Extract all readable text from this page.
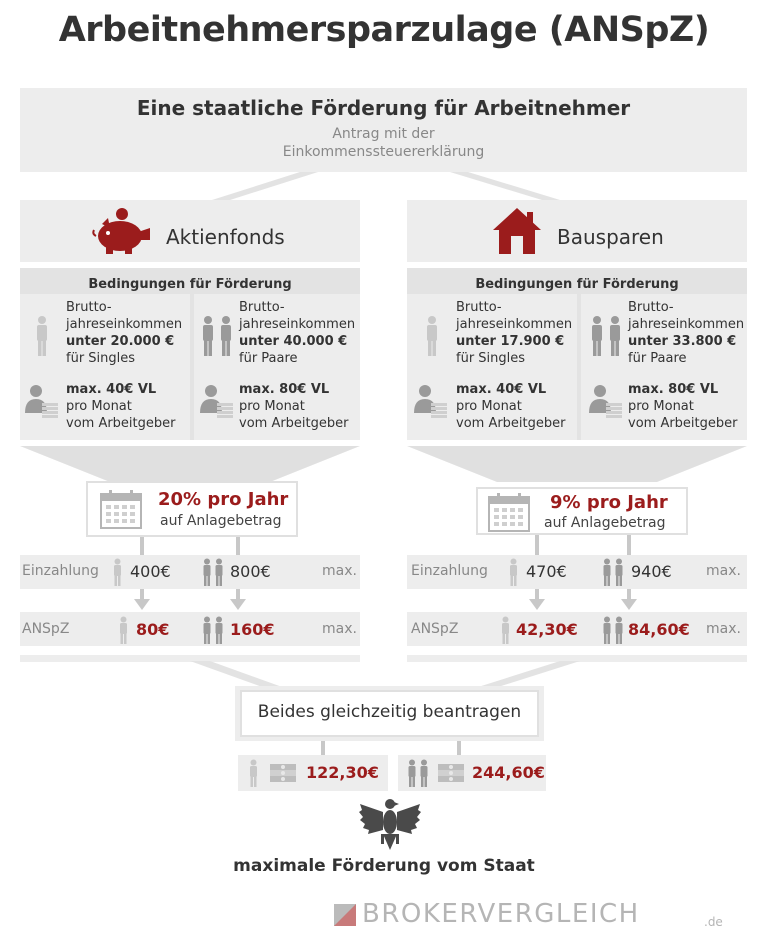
Arbeitnehmersparzulage (ANSpZ)
Eine staatliche Förderung für Arbeitnehmer
Antrag mit der
Einkommenssteuererklärung
Aktienfonds
Bedingungen für Förderung
Brutto-
jahreseinkommen
unter 20.000 €
für Singles
max. 40€ VL
pro Monat
vom Arbeitgeber
Brutto-
jahreseinkommen
unter 40.000 €
für Paare
max. 80€ VL
pro Monat
vom Arbeitgeber
20% pro Jahr
auf Anlagebetrag
Einzahlung 400€	800€	max.
ANSpZ	80€	160€	max.
Bausparen
Bedingungen für Förderung
Brutto-
jahreseinkommen
unter 17.900 €
für Singles
max. 40€ VL
pro Monat
vom Arbeitgeber
Brutto-
jahreseinkommen
unter 33.800 €
für Paare
max. 80€ VL
pro Monat
vom Arbeitgeber
9% pro Jahr
auf Anlagebetrag
Einzahlung 470€	940€ max.
ANSpZ	42,30€	84,60€ max.
Beides gleichzeitig beantragen
122,30€	244,60€
maximale Förderung vom Staat
BROKERVERGLEICH	.de
